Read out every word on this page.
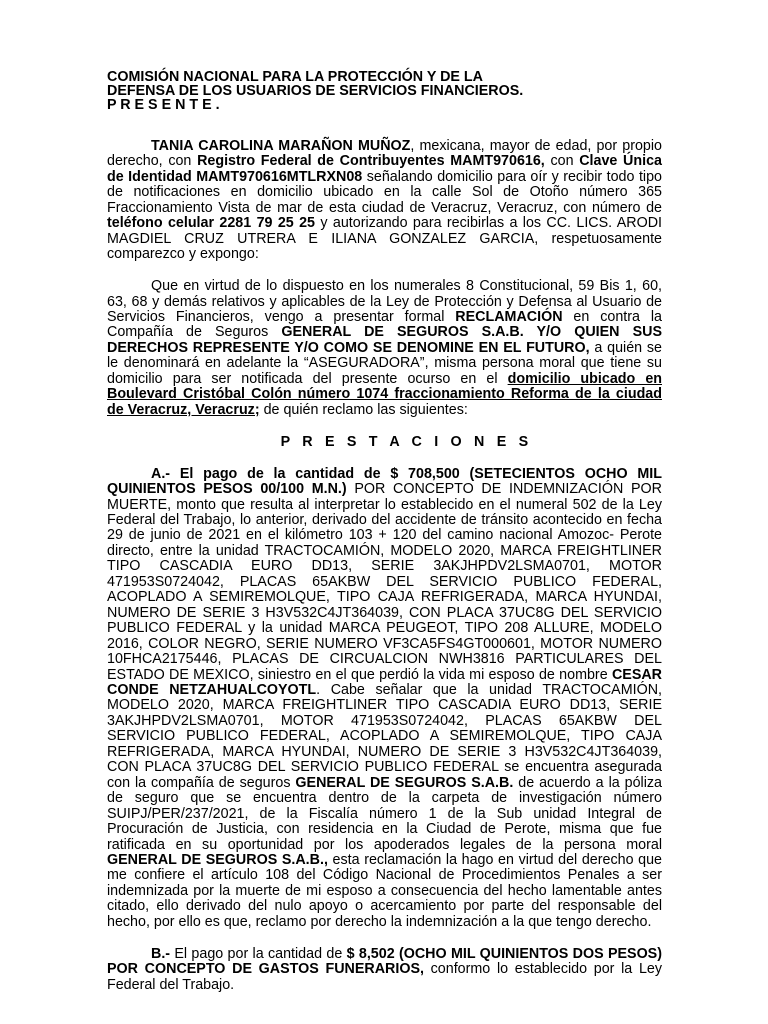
COMISIÓN NACIONAL PARA LA PROTECCIÓN Y DE LA
DEFENSA DE LOS USUARIOS DE SERVICIOS FINANCIEROS.
P R E S E N T E .

TANIA CAROLINA MARAÑON MUÑOZ, mexicana, mayor de edad, por propio derecho, con Registro Federal de Contribuyentes MAMT970616, con Clave Única de Identidad MAMT970616MTLRXN08 señalando domicilio para oír y recibir todo tipo de notificaciones en domicilio ubicado en la calle Sol de Otoño número 365 Fraccionamiento Vista de mar de esta ciudad de Veracruz, Veracruz, con número de teléfono celular 2281 79 25 25 y autorizando para recibirlas a los CC. LICS. ARODI MAGDIEL CRUZ UTRERA E ILIANA GONZALEZ GARCIA, respetuosamente comparezco y expongo:

Que en virtud de lo dispuesto en los numerales 8 Constitucional, 59 Bis 1, 60, 63, 68 y demás relativos y aplicables de la Ley de Protección y Defensa al Usuario de Servicios Financieros, vengo a presentar formal RECLAMACIÓN en contra la Compañía de Seguros GENERAL DE SEGUROS S.A.B. Y/O QUIEN SUS DERECHOS REPRESENTE Y/O COMO SE DENOMINE EN EL FUTURO, a quién se le denominará en adelante la “ASEGURADORA”, misma persona moral que tiene su domicilio para ser notificada del presente ocurso en el domicilio ubicado en Boulevard Cristóbal Colón número 1074 fraccionamiento Reforma de la ciudad de Veracruz, Veracruz; de quién reclamo las siguientes:

P R E S T A C I O N E S

A.- El pago de la cantidad de $ 708,500 (SETECIENTOS OCHO MIL QUINIENTOS PESOS 00/100 M.N.) POR CONCEPTO DE INDEMNIZACIÓN POR MUERTE, monto que resulta al interpretar lo establecido en el numeral 502 de la Ley Federal del Trabajo, lo anterior, derivado del accidente de tránsito acontecido en fecha 29 de junio de 2021 en el kilómetro 103 + 120 del camino nacional Amozoc- Perote directo, entre la unidad TRACTOCAMIÓN, MODELO 2020, MARCA FREIGHTLINER TIPO CASCADIA EURO DD13, SERIE 3AKJHPDV2LSMA0701, MOTOR 471953S0724042, PLACAS 65AKBW DEL SERVICIO PUBLICO FEDERAL, ACOPLADO A SEMIREMOLQUE, TIPO CAJA REFRIGERADA, MARCA HYUNDAI, NUMERO DE SERIE 3 H3V532C4JT364039, CON PLACA 37UC8G DEL SERVICIO PUBLICO FEDERAL y la unidad MARCA PEUGEOT, TIPO 208 ALLURE, MODELO 2016, COLOR NEGRO, SERIE NUMERO VF3CA5FS4GT000601, MOTOR NUMERO 10FHCA2175446, PLACAS DE CIRCUALCION NWH3816 PARTICULARES DEL ESTADO DE MEXICO, siniestro en el que perdió la vida mi esposo de nombre CESAR CONDE NETZAHUALCOYOTL. Cabe señalar que la unidad TRACTOCAMIÓN, MODELO 2020, MARCA FREIGHTLINER TIPO CASCADIA EURO DD13, SERIE 3AKJHPDV2LSMA0701, MOTOR 471953S0724042, PLACAS 65AKBW DEL SERVICIO PUBLICO FEDERAL, ACOPLADO A SEMIREMOLQUE, TIPO CAJA REFRIGERADA, MARCA HYUNDAI, NUMERO DE SERIE 3 H3V532C4JT364039, CON PLACA 37UC8G DEL SERVICIO PUBLICO FEDERAL se encuentra asegurada con la compañía de seguros GENERAL DE SEGUROS S.A.B. de acuerdo a la póliza de seguro que se encuentra dentro de la carpeta de investigación número SUIPJ/PER/237/2021, de la Fiscalía número 1 de la Sub unidad Integral de Procuración de Justicia, con residencia en la Ciudad de Perote, misma que fue ratificada en su oportunidad por los apoderados legales de la persona moral GENERAL DE SEGUROS S.A.B., esta reclamación la hago en virtud del derecho que me confiere el artículo 108 del Código Nacional de Procedimientos Penales a ser indemnizada por la muerte de mi esposo a consecuencia del hecho lamentable antes citado, ello derivado del nulo apoyo o acercamiento por parte del responsable del hecho, por ello es que, reclamo por derecho la indemnización a la que tengo derecho.

B.- El pago por la cantidad de $ 8,502 (OCHO MIL QUINIENTOS DOS PESOS) POR CONCEPTO DE GASTOS FUNERARIOS, conformo lo establecido por la Ley Federal del Trabajo.
